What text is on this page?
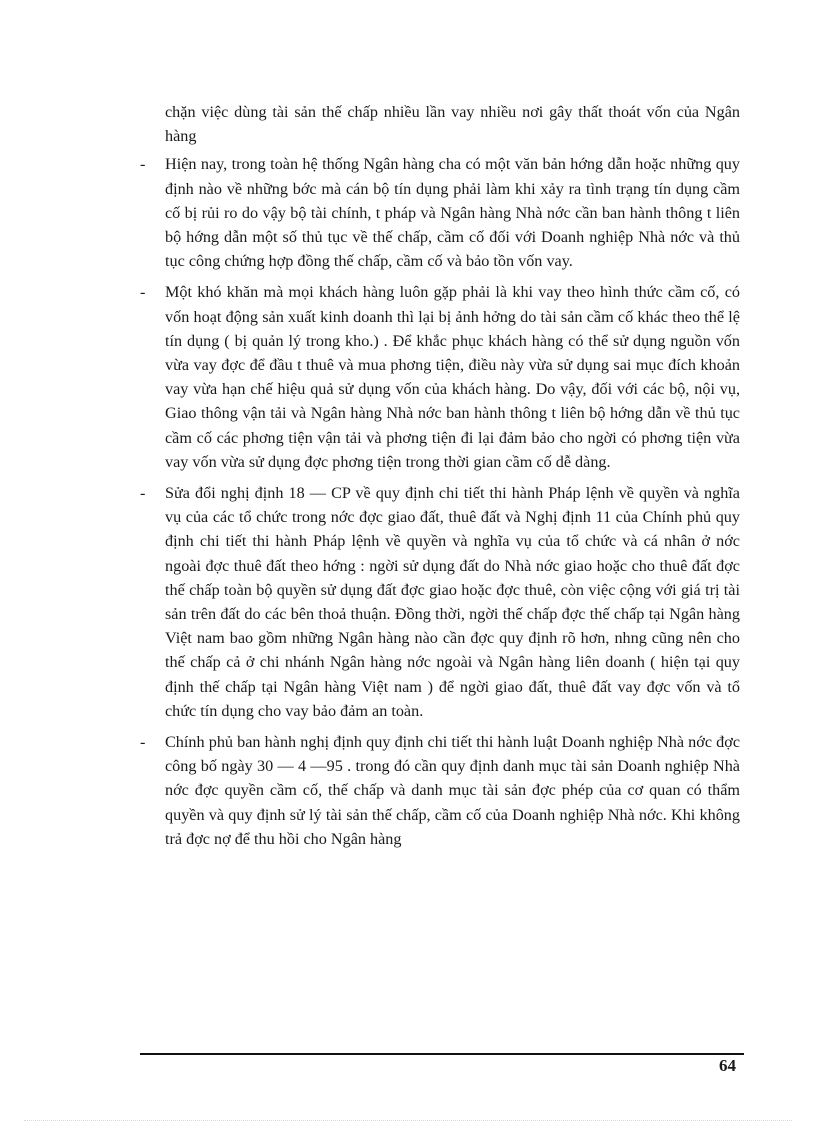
chặn việc dùng tài sản thế chấp nhiều lần vay nhiều nơi gây thất thoát vốn của Ngân hàng

-	Hiện nay, trong toàn hệ thống Ngân hàng cha có một văn bản hớng dẫn hoặc những quy định nào về những bớc mà cán bộ tín dụng phải làm khi xảy ra tình trạng tín dụng cầm cố bị rủi ro do vậy bộ tài chính, t pháp và Ngân hàng Nhà nớc cần ban hành thông t liên bộ hớng dẫn một số thủ tục về thế chấp, cầm cố đối với Doanh nghiệp Nhà nớc và thủ tục công chứng hợp đồng thế chấp, cầm cố và bảo tồn vốn vay.

-	Một khó khăn mà mọi khách hàng luôn gặp phải là khi vay theo hình thức cầm cố, có vốn hoạt động sản xuất kinh doanh thì lại bị ảnh hởng do tài sản cầm cố khác theo thể lệ tín dụng ( bị quản lý trong kho.) . Để khắc phục khách hàng có thể sử dụng nguồn vốn vừa vay đợc để đầu t thuê và mua phơng tiện, điều này vừa sử dụng sai mục đích khoản vay vừa hạn chế hiệu quả sử dụng vốn của khách hàng. Do vậy, đối với các bộ, nội vụ, Giao thông vận tải và Ngân hàng Nhà nớc ban hành thông t liên bộ hớng dẫn về thủ tục cầm cố các phơng tiện vận tải và phơng tiện đi lại đảm bảo cho ngời có phơng tiện vừa vay vốn vừa sử dụng đợc phơng tiện trong thời gian cầm cố dễ dàng.

-	Sửa đổi nghị định 18 — CP về quy định chi tiết thi hành Pháp lệnh về quyền và nghĩa vụ của các tổ chức trong nớc đợc giao đất, thuê đất và Nghị định 11 của Chính phủ quy định chi tiết thi hành Pháp lệnh về quyền và nghĩa vụ của tổ chức và cá nhân ở nớc ngoài đợc thuê đất theo hớng : ngời sử dụng đất do Nhà nớc giao hoặc cho thuê đất đợc thế chấp toàn bộ quyền sử dụng đất đợc giao hoặc đợc thuê, còn việc cộng với giá trị tài sản trên đất do các bên thoả thuận. Đồng thời, ngời thế chấp đợc thế chấp tại Ngân hàng Việt nam bao gồm những Ngân hàng nào cần đợc quy định rõ hơn, nhng cũng nên cho thế chấp cả ở chi nhánh Ngân hàng nớc ngoài và Ngân hàng liên doanh ( hiện tại quy định thế chấp tại Ngân hàng Việt nam ) để ngời giao đất, thuê đất vay đợc vốn và tổ chức tín dụng cho vay bảo đảm an toàn.

-	Chính phủ ban hành nghị định quy định chi tiết thi hành luật Doanh nghiệp Nhà nớc đợc công bố ngày 30 — 4 —95 . trong đó cần quy định danh mục tài sản Doanh nghiệp Nhà nớc đợc quyền cầm cố, thế chấp và danh mục tài sản đợc phép của cơ quan có thẩm quyền và quy định sử lý tài sản thế chấp, cầm cố của Doanh nghiệp Nhà nớc. Khi không trả đợc nợ để thu hồi cho Ngân hàng

64
